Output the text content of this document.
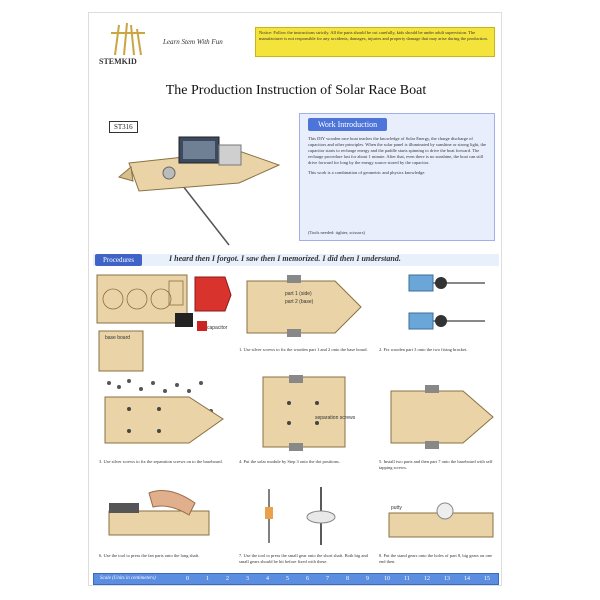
STEMKID
Learn Stem With Fun
Notice: Follow the instructions strictly. All the parts should be cut carefully, kids should be under adult supervision. The manufacturer is not responsible for any accidents, damages, injuries and property damage that may arise during the production.
The Production Instruction of Solar Race Boat
ST316	Work Introduction

This DIY wooden race boat teaches the knowledge of Solar Energy, the charge discharge of capacitors and other principles. When the solar panel is illuminated by sunshine or strong light, the capacitor starts to recharge energy and the paddle starts spinning to drive the boat forward. The recharge procedure last for about 1 minute. After that, even there is no sunshine, the boat can still drive forward for long by the energy source stored by the capacitor.

This work is a combination of geometric and physics knowledge.

(Tools needed: tighter, scissors)
Procedures	I heard then I forgot. I saw then I memorized. I did then I understand.
base board
capacitor
part 1 (side)
part 2 (base)
1. Use silver screws to fix the wooden part 1 and 2 onto the base board.	2. Fix wooden part 3 onto the two fixing bracket.
3. Use silver screws to fix the separation screws on to the baseboard.
separation screws
4. Put the solar module by Step 3 onto the dot positions.	5. Install two parts and then part 7 onto the baseboard with self tapping screws.
6. Use the tool to press the fan parts onto the long shaft.	7. Use the tool to press the small gear onto the short shaft. Both big and small gears should be hit before fixed with these.
putty
8. Put the stand gears onto the holes of part 8, big gears on one end then.
Scale (Units in centimeters)	0	1	2	3	4	5	6	7	8	9	10 11 12 13 14 15
